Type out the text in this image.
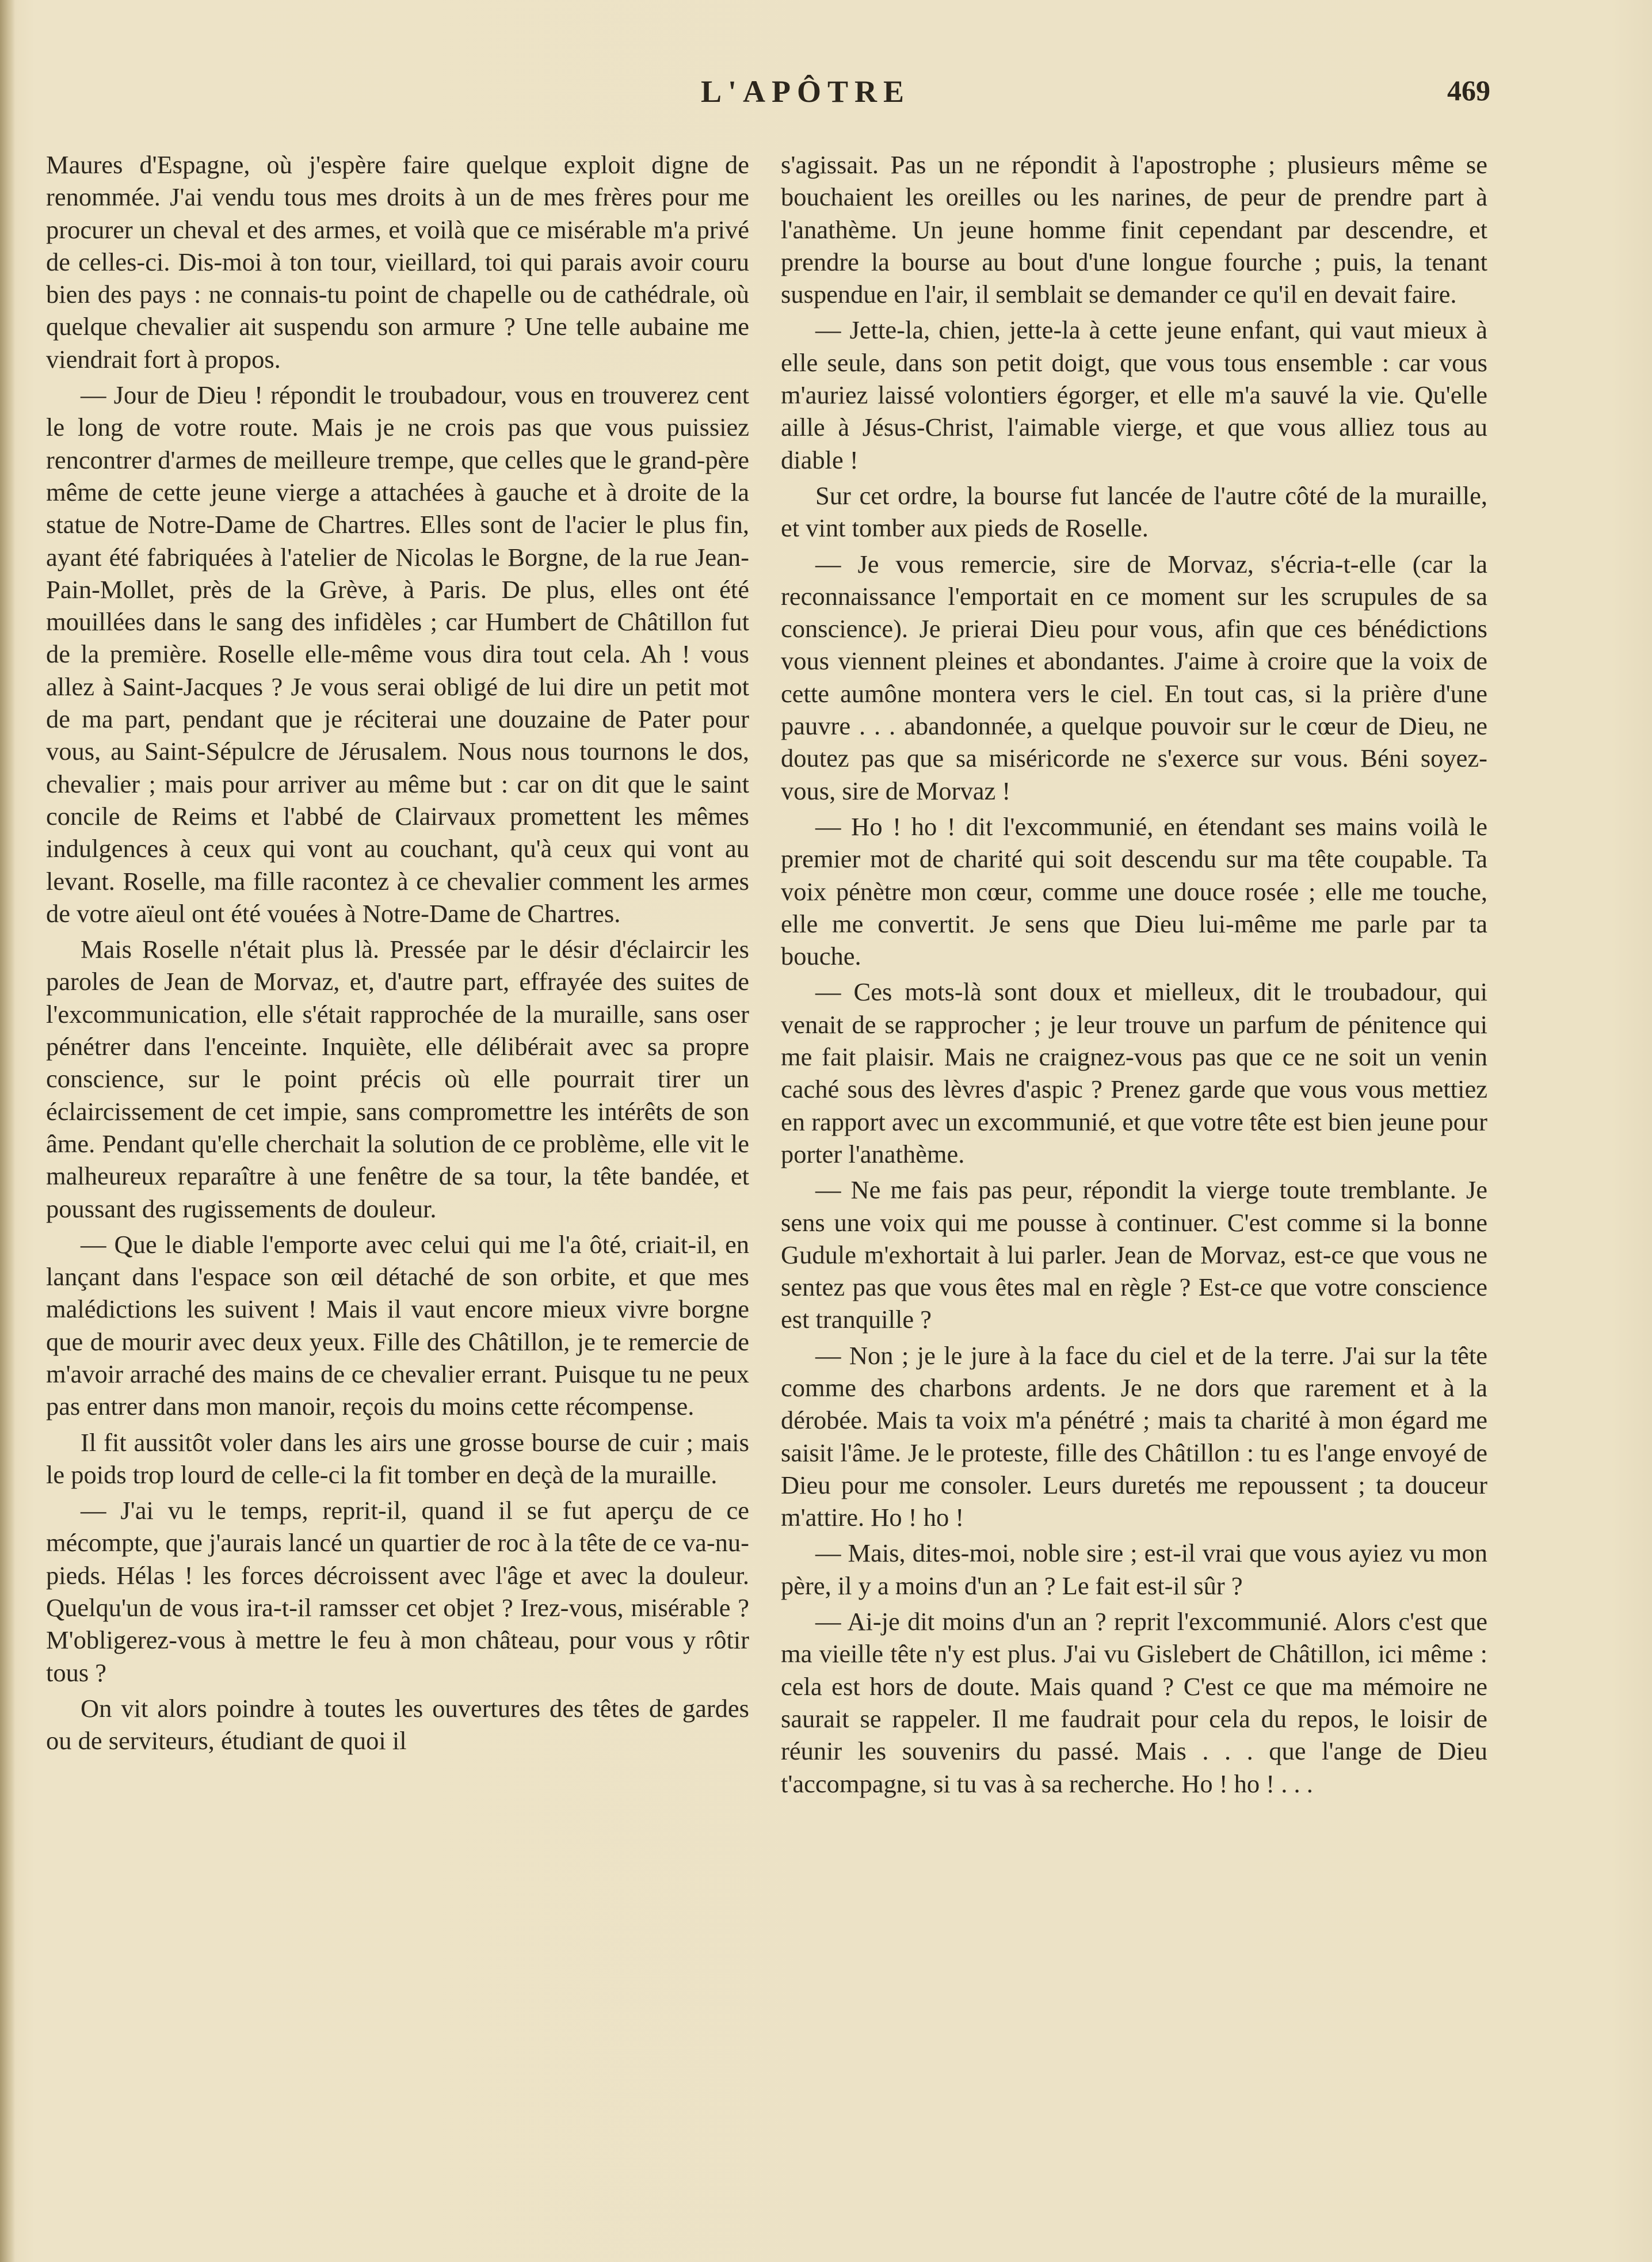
L'APÔTRE	469

Maures d'Espagne, où j'espère faire quelque exploit digne de renommée. J'ai vendu tous mes droits à un de mes frères pour me procurer un cheval et des armes, et voilà que ce misérable m'a privé de celles-ci. Dis-moi à ton tour, vieillard, toi qui parais avoir couru bien des pays : ne connais-tu point de chapelle ou de cathédrale, où quelque chevalier ait suspendu son armure ? Une telle aubaine me viendrait fort à propos.

— Jour de Dieu ! répondit le troubadour, vous en trouverez cent le long de votre route. Mais je ne crois pas que vous puissiez rencontrer d'armes de meilleure trempe, que celles que le grand-père même de cette jeune vierge a attachées à gauche et à droite de la statue de Notre-Dame de Chartres. Elles sont de l'acier le plus fin, ayant été fabriquées à l'atelier de Nicolas le Borgne, de la rue Jean-Pain-Mollet, près de la Grève, à Paris. De plus, elles ont été mouillées dans le sang des infidèles ; car Humbert de Châtillon fut de la première. Roselle elle-même vous dira tout cela. Ah ! vous allez à Saint-Jacques ? Je vous serai obligé de lui dire un petit mot de ma part, pendant que je réciterai une douzaine de Pater pour vous, au Saint-Sépulcre de Jérusalem. Nous nous tournons le dos, chevalier ; mais pour arriver au même but : car on dit que le saint concile de Reims et l'abbé de Clairvaux promettent les mêmes indulgences à ceux qui vont au couchant, qu'à ceux qui vont au levant. Roselle, ma fille racontez à ce chevalier comment les armes de votre aïeul ont été vouées à Notre-Dame de Chartres.

Mais Roselle n'était plus là. Pressée par le désir d'éclaircir les paroles de Jean de Morvaz, et, d'autre part, effrayée des suites de l'excommunication, elle s'était rapprochée de la muraille, sans oser pénétrer dans l'enceinte. Inquiète, elle délibérait avec sa propre conscience, sur le point précis où elle pourrait tirer un éclaircissement de cet impie, sans compromettre les intérêts de son âme. Pendant qu'elle cherchait la solution de ce problème, elle vit le malheureux reparaître à une fenêtre de sa tour, la tête bandée, et poussant des rugissements de douleur.

— Que le diable l'emporte avec celui qui me l'a ôté, criait-il, en lançant dans l'espace son œil détaché de son orbite, et que mes malédictions les suivent ! Mais il vaut encore mieux vivre borgne que de mourir avec deux yeux. Fille des Châtillon, je te remercie de m'avoir arraché des mains de ce chevalier errant. Puisque tu ne peux pas entrer dans mon manoir, reçois du moins cette récompense.

Il fit aussitôt voler dans les airs une grosse bourse de cuir ; mais le poids trop lourd de celle-ci la fit tomber en deçà de la muraille.

— J'ai vu le temps, reprit-il, quand il se fut aperçu de ce mécompte, que j'aurais lancé un quartier de roc à la tête de ce va-nu-pieds. Hélas ! les forces décroissent avec l'âge et avec la douleur. Quelqu'un de vous ira-t-il ramsser cet objet ? Irez-vous, misérable ? M'obligerez-vous à mettre le feu à mon château, pour vous y rôtir tous ?

On vit alors poindre à toutes les ouvertures des têtes de gardes ou de serviteurs, étudiant de quoi il

s'agissait. Pas un ne répondit à l'apostrophe ; plusieurs même se bouchaient les oreilles ou les narines, de peur de prendre part à l'anathème. Un jeune homme finit cependant par descendre, et prendre la bourse au bout d'une longue fourche ; puis, la tenant suspendue en l'air, il semblait se demander ce qu'il en devait faire.

— Jette-la, chien, jette-la à cette jeune enfant, qui vaut mieux à elle seule, dans son petit doigt, que vous tous ensemble : car vous m'auriez laissé volontiers égorger, et elle m'a sauvé la vie. Qu'elle aille à Jésus-Christ, l'aimable vierge, et que vous alliez tous au diable !

Sur cet ordre, la bourse fut lancée de l'autre côté de la muraille, et vint tomber aux pieds de Roselle.

— Je vous remercie, sire de Morvaz, s'écria-t-elle (car la reconnaissance l'emportait en ce moment sur les scrupules de sa conscience). Je prierai Dieu pour vous, afin que ces bénédictions vous viennent pleines et abondantes. J'aime à croire que la voix de cette aumône montera vers le ciel. En tout cas, si la prière d'une pauvre . . . abandonnée, a quelque pouvoir sur le cœur de Dieu, ne doutez pas que sa miséricorde ne s'exerce sur vous. Béni soyez-vous, sire de Morvaz !

— Ho ! ho ! dit l'excommunié, en étendant ses mains voilà le premier mot de charité qui soit descendu sur ma tête coupable. Ta voix pénètre mon cœur, comme une douce rosée ; elle me touche, elle me convertit. Je sens que Dieu lui-même me parle par ta bouche.

— Ces mots-là sont doux et mielleux, dit le troubadour, qui venait de se rapprocher ; je leur trouve un parfum de pénitence qui me fait plaisir. Mais ne craignez-vous pas que ce ne soit un venin caché sous des lèvres d'aspic ? Prenez garde que vous vous mettiez en rapport avec un excommunié, et que votre tête est bien jeune pour porter l'anathème.

— Ne me fais pas peur, répondit la vierge toute tremblante. Je sens une voix qui me pousse à continuer. C'est comme si la bonne Gudule m'exhortait à lui parler. Jean de Morvaz, est-ce que vous ne sentez pas que vous êtes mal en règle ? Est-ce que votre conscience est tranquille ?

— Non ; je le jure à la face du ciel et de la terre. J'ai sur la tête comme des charbons ardents. Je ne dors que rarement et à la dérobée. Mais ta voix m'a pénétré ; mais ta charité à mon égard me saisit l'âme. Je le proteste, fille des Châtillon : tu es l'ange envoyé de Dieu pour me consoler. Leurs duretés me repoussent ; ta douceur m'attire. Ho ! ho !

— Mais, dites-moi, noble sire ; est-il vrai que vous ayiez vu mon père, il y a moins d'un an ? Le fait est-il sûr ?

— Ai-je dit moins d'un an ? reprit l'excommunié. Alors c'est que ma vieille tête n'y est plus. J'ai vu Gislebert de Châtillon, ici même : cela est hors de doute. Mais quand ? C'est ce que ma mémoire ne saurait se rappeler. Il me faudrait pour cela du repos, le loisir de réunir les souvenirs du passé. Mais . . . que l'ange de Dieu t'accompagne, si tu vas à sa recherche. Ho ! ho ! . . .
